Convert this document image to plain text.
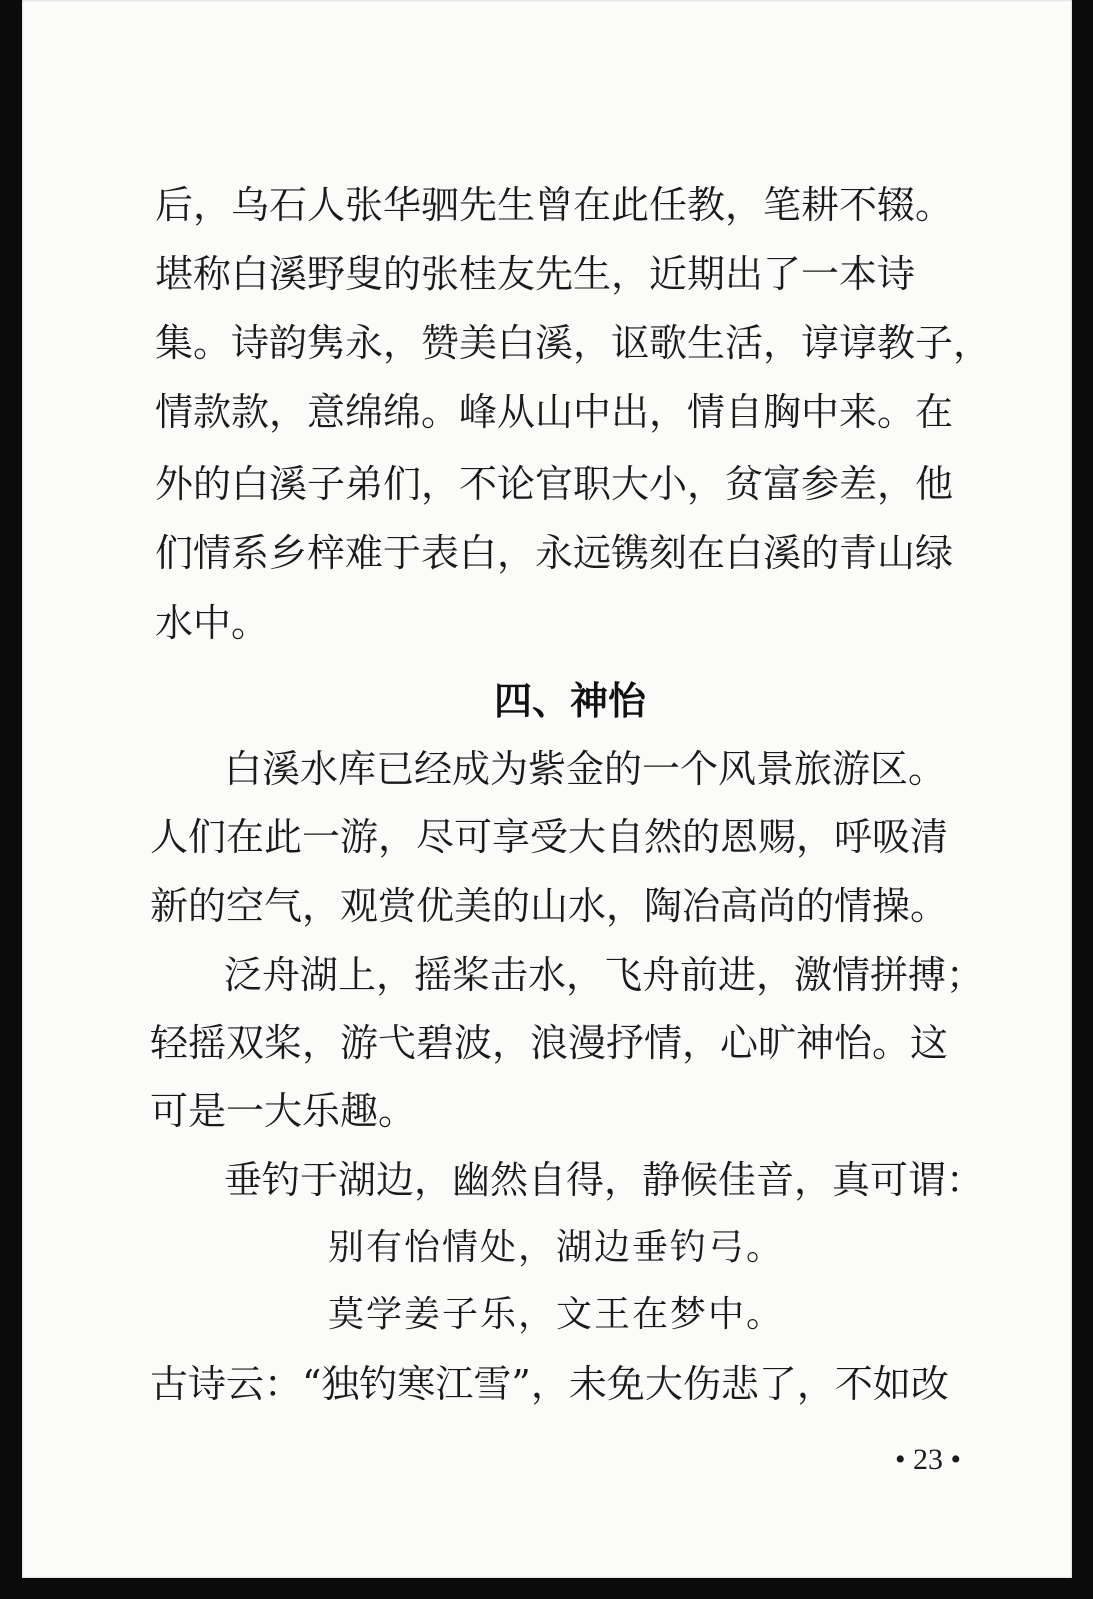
后，乌石人张华驷先生曾在此任教，笔耕不辍。
堪称白溪野叟的张桂友先生，近期出了一本诗
集。诗韵隽永，赞美白溪，讴歌生活，谆谆教子，
情款款，意绵绵。峰从山中出，情自胸中来。在
外的白溪子弟们，不论官职大小，贫富参差，他
们情系乡梓难于表白，永远镌刻在白溪的青山绿
水中。
四、神怡
白溪水库已经成为紫金的一个风景旅游区。
人们在此一游，尽可享受大自然的恩赐，呼吸清
新的空气，观赏优美的山水，陶冶高尚的情操。
泛舟湖上，摇桨击水，飞舟前进，激情拼搏；
轻摇双桨，游弋碧波，浪漫抒情，心旷神怡。这
可是一大乐趣。
垂钓于湖边，幽然自得，静候佳音，真可谓：
别有怡情处，湖边垂钓弓。
莫学姜子乐，文王在梦中。
古诗云：“独钓寒江雪”，未免大伤悲了，不如改
• 23 •
